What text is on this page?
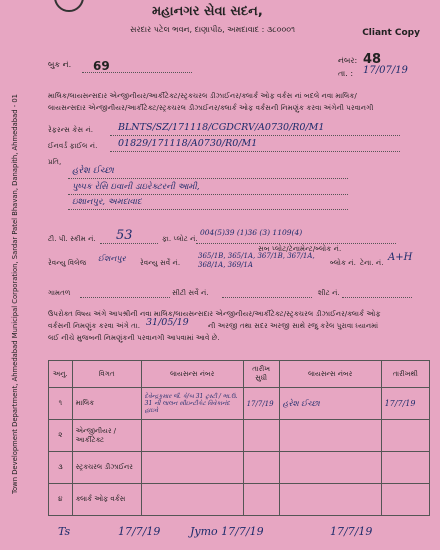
મહાનગર સેવા સદન,
સરદાર પટેલ ભવન, દાણાપીઠ, અમદાવાદ : ૩૮૦૦૦૧	Cliant Copy
બુક નં. 69	નંબર: 48
તા. : 17/07/19
Town Development Department, Ahmedabad Municipal Corporation, Sardar Patel Bhavan, Danapith, Ahmedabad - 01	માલિક/લાયસન્સદાર એન્જીનીયર/આર્કીટેક્ટ/સ્ટ્રક્ચરલ ડીઝાઈનર/ક્લાર્ક ઓફ વર્કસ નાં બદલે નવા માલિક/
લાયસન્સદાર એન્જીનીયર/આર્કીટેક્ટ/સ્ટ્રક્ચરલ ડીઝાઈનર/ક્લાર્ક ઓફ વર્કસની નિમણુંક કરવા અંગેની પરવાનગી
રેફરન્સ કેસ નં.	BLNTS/SZ/171118/CGDCRV/A0730/R0/M1
ઈનવર્ડ ફાઈલ નં. 01829/171118/A0730/R0/M1
પ્રતિ,
હરેશ ઈચ્છા
પુષ્પક રેસિ ઇવાની ડાઇરેક્ટરની આમી,
ઇશાનપુર, અમદાવાદ
ટી. પી. સ્કીમ નં. 53	ફા. પ્લોટ નં.
004(5)39 (1)36 (3) 1109(4)
સબ પ્લોટ/ટેનામેન્ટ/બ્લોક નં.
રેવન્યુ વિલેજ ઈશનપુર રેવન્યુ સર્વે નં.
365/1B, 365/1A, 367/1B, 367/1A, 368/1A, 369/1A	બ્લોક નં. ટેના. નં. A+H
ગામતળ	સીટી સર્વે નં.	શીટ નં.
ઉપરોક્ત વિષય અંગે આપશ્રીની નવા માલિક/લાયસન્સદાર એન્જીનીયર/આર્કીટેક્ટ/સ્ટ્રક્ચરલ ડીઝાઈનર/ક્લાર્ક ઓફ
વર્કસની નિમણુંક કરવા અંગે તા. 31/05/19	ની અરજી તથા સદર અરજી સાથે રજુ કરેલ પુરાવા ધ્યાનમાં
લઈ નીચે મુજબની નિમણુંકની પરવાનગી આપવામાં આવે છે.
અનુ.	વિગત	લાયસન્સ નંબર	તારીખ સુધી	લાયસન્સ નંબર	તારીખથી
૧	માલિક	દેવેન્દ્રકુમાર જૈ. કે/બ 31 ટ્રસ્ટી / ભા.ઉ. 31 ની લાલન સીઇન્ટીકેટ વિવેકાનંદ હાઇવે	17/7/19	હરેશ ઈચ્છા	17/7/19
૨	એન્જીનીયર / આર્કીટેક્ટ				
૩	સ્ટ્રક્ચરલ ડીઝાઈનર				
૪	ક્લાર્ક ઓફ વર્કસ				
Ts	17/7/19	Jymo 17/7/19	17/7/19
